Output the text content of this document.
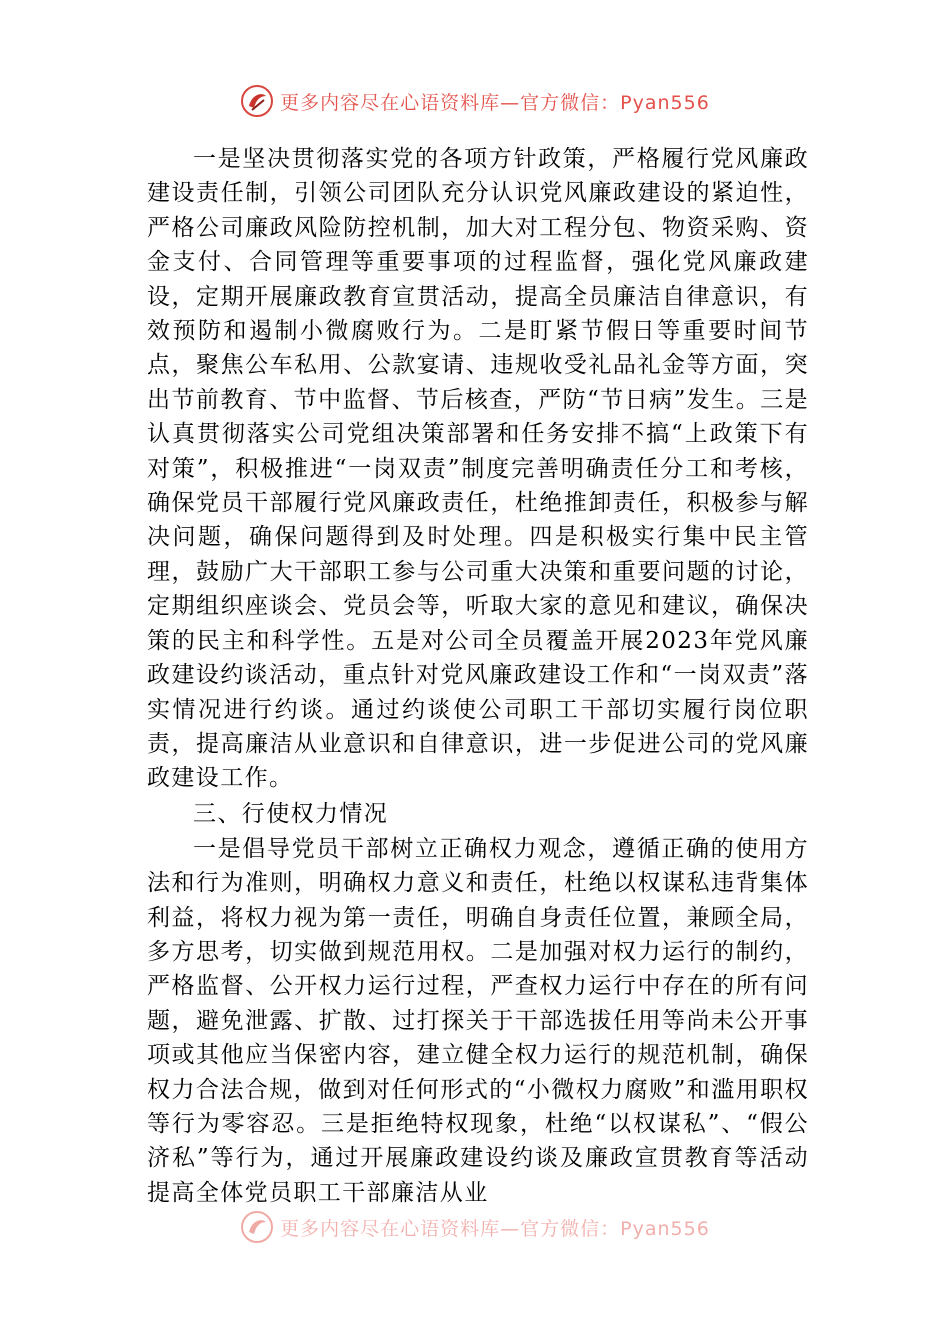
更多内容尽在心语资料库—官方微信：Pyan556

一是坚决贯彻落实党的各项方针政策，严格履行党风廉政建设责任制，引领公司团队充分认识党风廉政建设的紧迫性，严格公司廉政风险防控机制，加大对工程分包、物资采购、资金支付、合同管理等重要事项的过程监督，强化党风廉政建设，定期开展廉政教育宣贯活动，提高全员廉洁自律意识，有效预防和遏制小微腐败行为。二是盯紧节假日等重要时间节点，聚焦公车私用、公款宴请、违规收受礼品礼金等方面，突出节前教育、节中监督、节后核查，严防“节日病”发生。三是认真贯彻落实公司党组决策部署和任务安排不搞“上政策下有对策”，积极推进“一岗双责”制度完善明确责任分工和考核，确保党员干部履行党风廉政责任，杜绝推卸责任，积极参与解决问题，确保问题得到及时处理。四是积极实行集中民主管理，鼓励广大干部职工参与公司重大决策和重要问题的讨论，定期组织座谈会、党员会等，听取大家的意见和建议，确保决策的民主和科学性。五是对公司全员覆盖开展2023年党风廉政建设约谈活动，重点针对党风廉政建设工作和“一岗双责”落实情况进行约谈。通过约谈使公司职工干部切实履行岗位职责，提高廉洁从业意识和自律意识，进一步促进公司的党风廉政建设工作。

三、行使权力情况

一是倡导党员干部树立正确权力观念，遵循正确的使用方法和行为准则，明确权力意义和责任，杜绝以权谋私违背集体利益，将权力视为第一责任，明确自身责任位置，兼顾全局，多方思考，切实做到规范用权。二是加强对权力运行的制约，严格监督、公开权力运行过程，严查权力运行中存在的所有问题，避免泄露、扩散、过打探关于干部选拔任用等尚未公开事项或其他应当保密内容，建立健全权力运行的规范机制，确保权力合法合规，做到对任何形式的“小微权力腐败”和滥用职权等行为零容忍。三是拒绝特权现象，杜绝“以权谋私”、“假公济私”等行为，通过开展廉政建设约谈及廉政宣贯教育等活动提高全体党员职工干部廉洁从业

更多内容尽在心语资料库—官方微信：Pyan556
